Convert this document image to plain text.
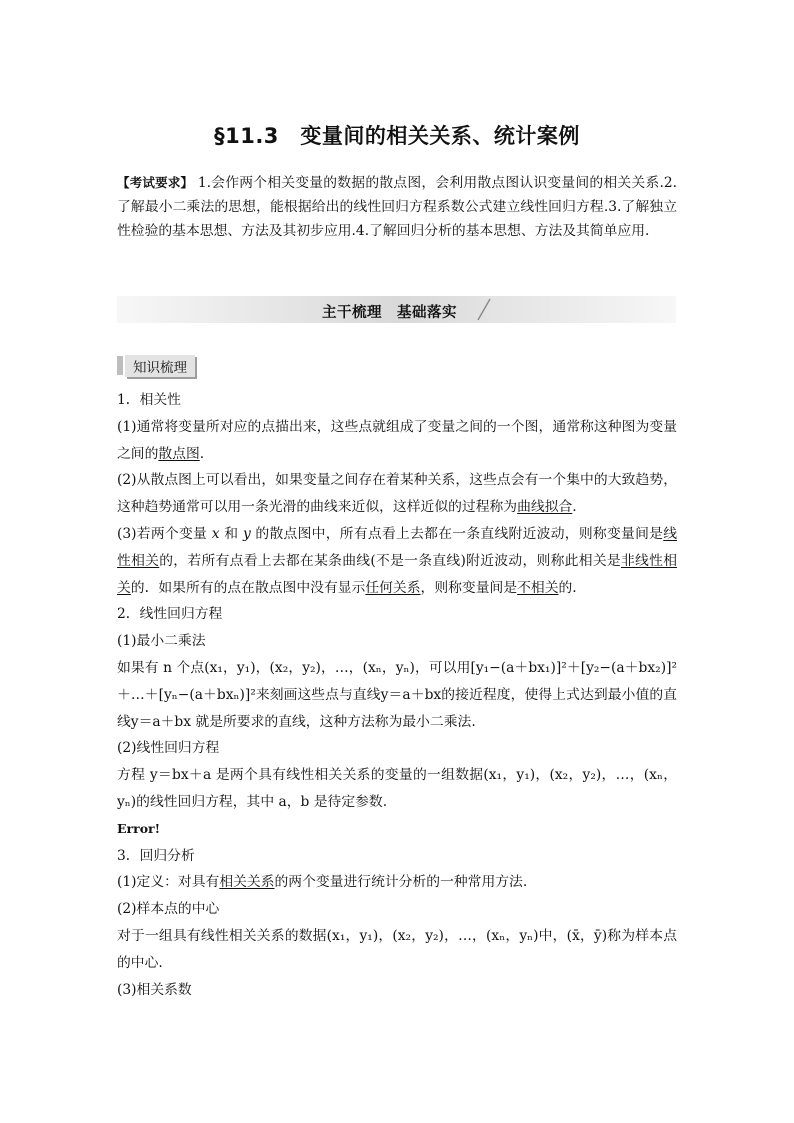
§11.3　变量间的相关关系、统计案例
【考试要求】 1.会作两个相关变量的数据的散点图，会利用散点图认识变量间的相关关系.2.了解最小二乘法的思想，能根据给出的线性回归方程系数公式建立线性回归方程.3.了解独立性检验的基本思想、方法及其初步应用.4.了解回归分析的基本思想、方法及其简单应用.
主干梳理　基础落实
知识梳理

1．相关性

(1)通常将变量所对应的点描出来，这些点就组成了变量之间的一个图，通常称这种图为变量之间的散点图.

(2)从散点图上可以看出，如果变量之间存在着某种关系，这些点会有一个集中的大致趋势，这种趋势通常可以用一条光滑的曲线来近似，这样近似的过程称为曲线拟合.

(3)若两个变量 x 和 y 的散点图中，所有点看上去都在一条直线附近波动，则称变量间是线性相关的，若所有点看上去都在某条曲线(不是一条直线)附近波动，则称此相关是非线性相关的．如果所有的点在散点图中没有显示任何关系，则称变量间是不相关的.

2．线性回归方程

(1)最小二乘法

如果有 n 个点(x₁，y₁)，(x₂，y₂)，…，(xₙ，yₙ)，可以用[y₁−(a＋bx₁)]²＋[y₂−(a＋bx₂)]²＋…＋[yₙ−(a＋bxₙ)]²来刻画这些点与直线y＝a＋bx的接近程度，使得上式达到最小值的直线y＝a＋bx 就是所要求的直线，这种方法称为最小二乘法.

(2)线性回归方程

方程 y＝bx＋a 是两个具有线性相关关系的变量的一组数据(x₁，y₁)，(x₂，y₂)，…，(xₙ，yₙ)的线性回归方程，其中 a，b 是待定参数.

Error!

3．回归分析

(1)定义：对具有相关关系的两个变量进行统计分析的一种常用方法.

(2)样本点的中心

对于一组具有线性相关关系的数据(x₁，y₁)，(x₂，y₂)，…，(xₙ，yₙ)中，(x̄，ȳ)称为样本点的中心.

(3)相关系数
